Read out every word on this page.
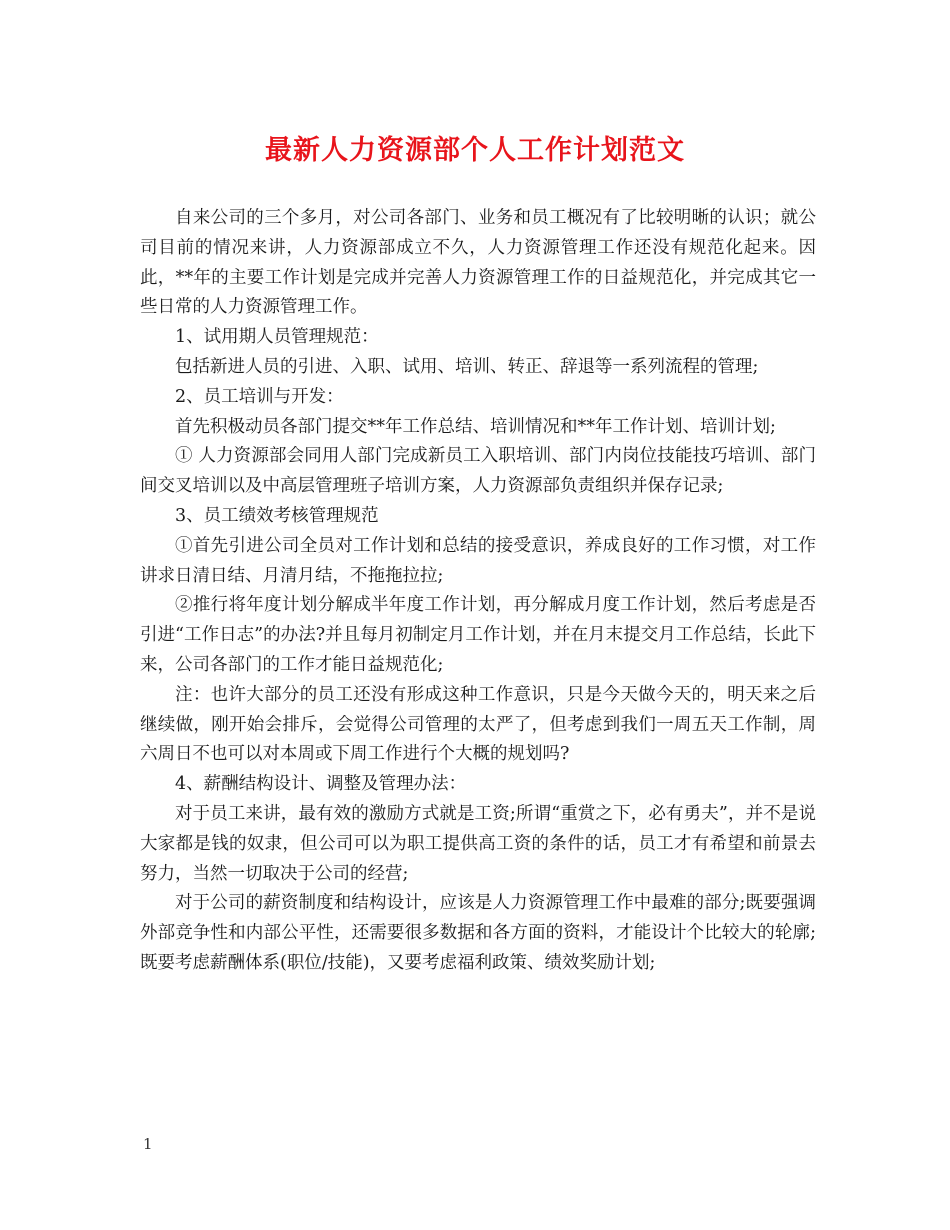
最新人力资源部个人工作计划范文

自来公司的三个多月，对公司各部门、业务和员工概况有了比较明晰的认识；就公司目前的情况来讲，人力资源部成立不久，人力资源管理工作还没有规范化起来。因此，**年的主要工作计划是完成并完善人力资源管理工作的日益规范化，并完成其它一些日常的人力资源管理工作。

1、试用期人员管理规范：

包括新进人员的引进、入职、试用、培训、转正、辞退等一系列流程的管理;

2、员工培训与开发：

首先积极动员各部门提交**年工作总结、培训情况和**年工作计划、培训计划;

① 人力资源部会同用人部门完成新员工入职培训、部门内岗位技能技巧培训、部门间交叉培训以及中高层管理班子培训方案，人力资源部负责组织并保存记录;

3、员工绩效考核管理规范

①首先引进公司全员对工作计划和总结的接受意识，养成良好的工作习惯，对工作讲求日清日结、月清月结，不拖拖拉拉;

②推行将年度计划分解成半年度工作计划，再分解成月度工作计划，然后考虑是否引进“工作日志”的办法?并且每月初制定月工作计划，并在月末提交月工作总结，长此下来，公司各部门的工作才能日益规范化;

注：也许大部分的员工还没有形成这种工作意识，只是今天做今天的，明天来之后继续做，刚开始会排斥，会觉得公司管理的太严了，但考虑到我们一周五天工作制，周六周日不也可以对本周或下周工作进行个大概的规划吗?

4、薪酬结构设计、调整及管理办法：

对于员工来讲，最有效的激励方式就是工资;所谓“重赏之下，必有勇夫”，并不是说大家都是钱的奴隶，但公司可以为职工提供高工资的条件的话，员工才有希望和前景去努力，当然一切取决于公司的经营;

对于公司的薪资制度和结构设计，应该是人力资源管理工作中最难的部分;既要强调外部竞争性和内部公平性，还需要很多数据和各方面的资料，才能设计个比较大的轮廓;既要考虑薪酬体系(职位/技能)，又要考虑福利政策、绩效奖励计划;

1
